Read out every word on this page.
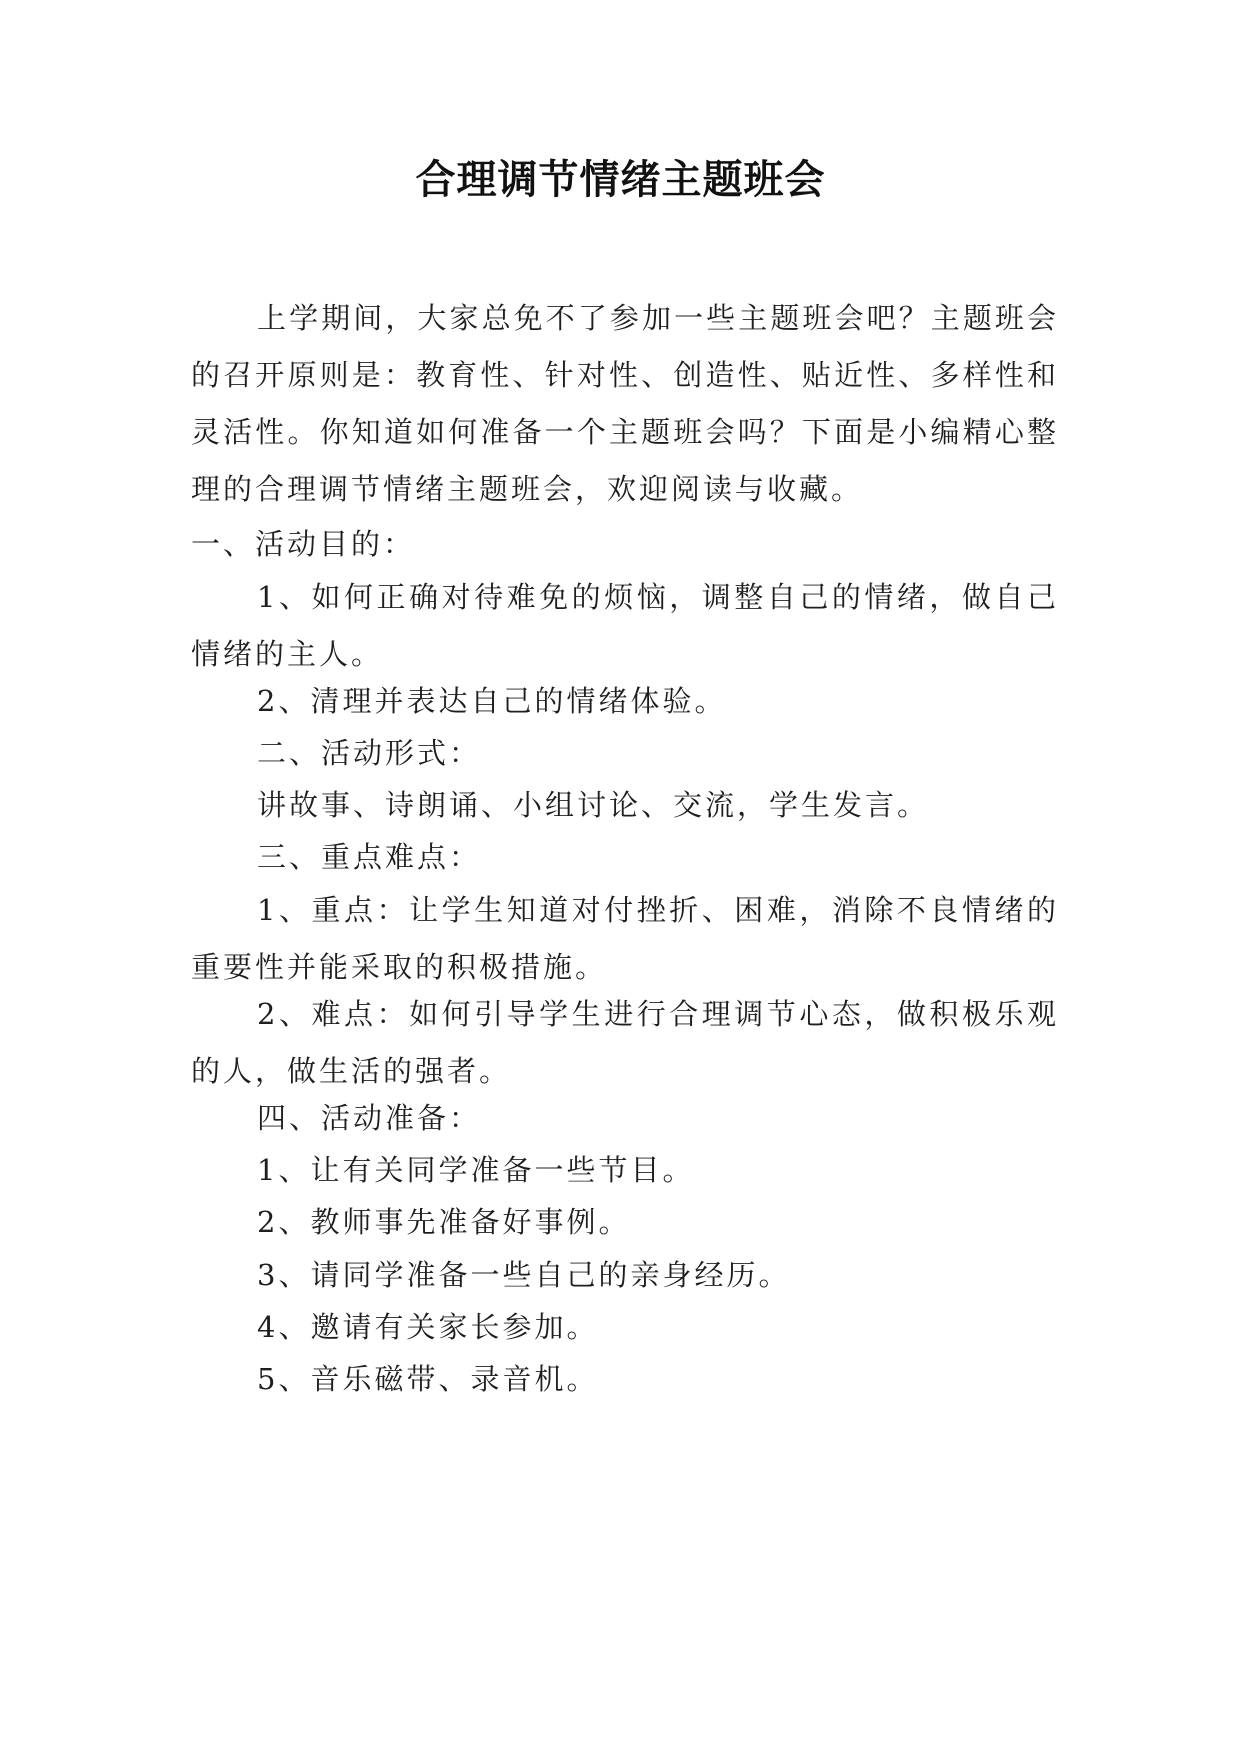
合理调节情绪主题班会

上学期间，大家总免不了参加一些主题班会吧？主题班会的召开原则是：教育性、针对性、创造性、贴近性、多样性和灵活性。你知道如何准备一个主题班会吗？下面是小编精心整理的合理调节情绪主题班会，欢迎阅读与收藏。

一、活动目的：

1、如何正确对待难免的烦恼，调整自己的情绪，做自己情绪的主人。

2、清理并表达自己的情绪体验。

二、活动形式：

讲故事、诗朗诵、小组讨论、交流，学生发言。

三、重点难点：

1、重点：让学生知道对付挫折、困难，消除不良情绪的重要性并能采取的积极措施。

2、难点：如何引导学生进行合理调节心态，做积极乐观的人，做生活的强者。

四、活动准备：

1、让有关同学准备一些节目。

2、教师事先准备好事例。

3、请同学准备一些自己的亲身经历。

4、邀请有关家长参加。

5、音乐磁带、录音机。
